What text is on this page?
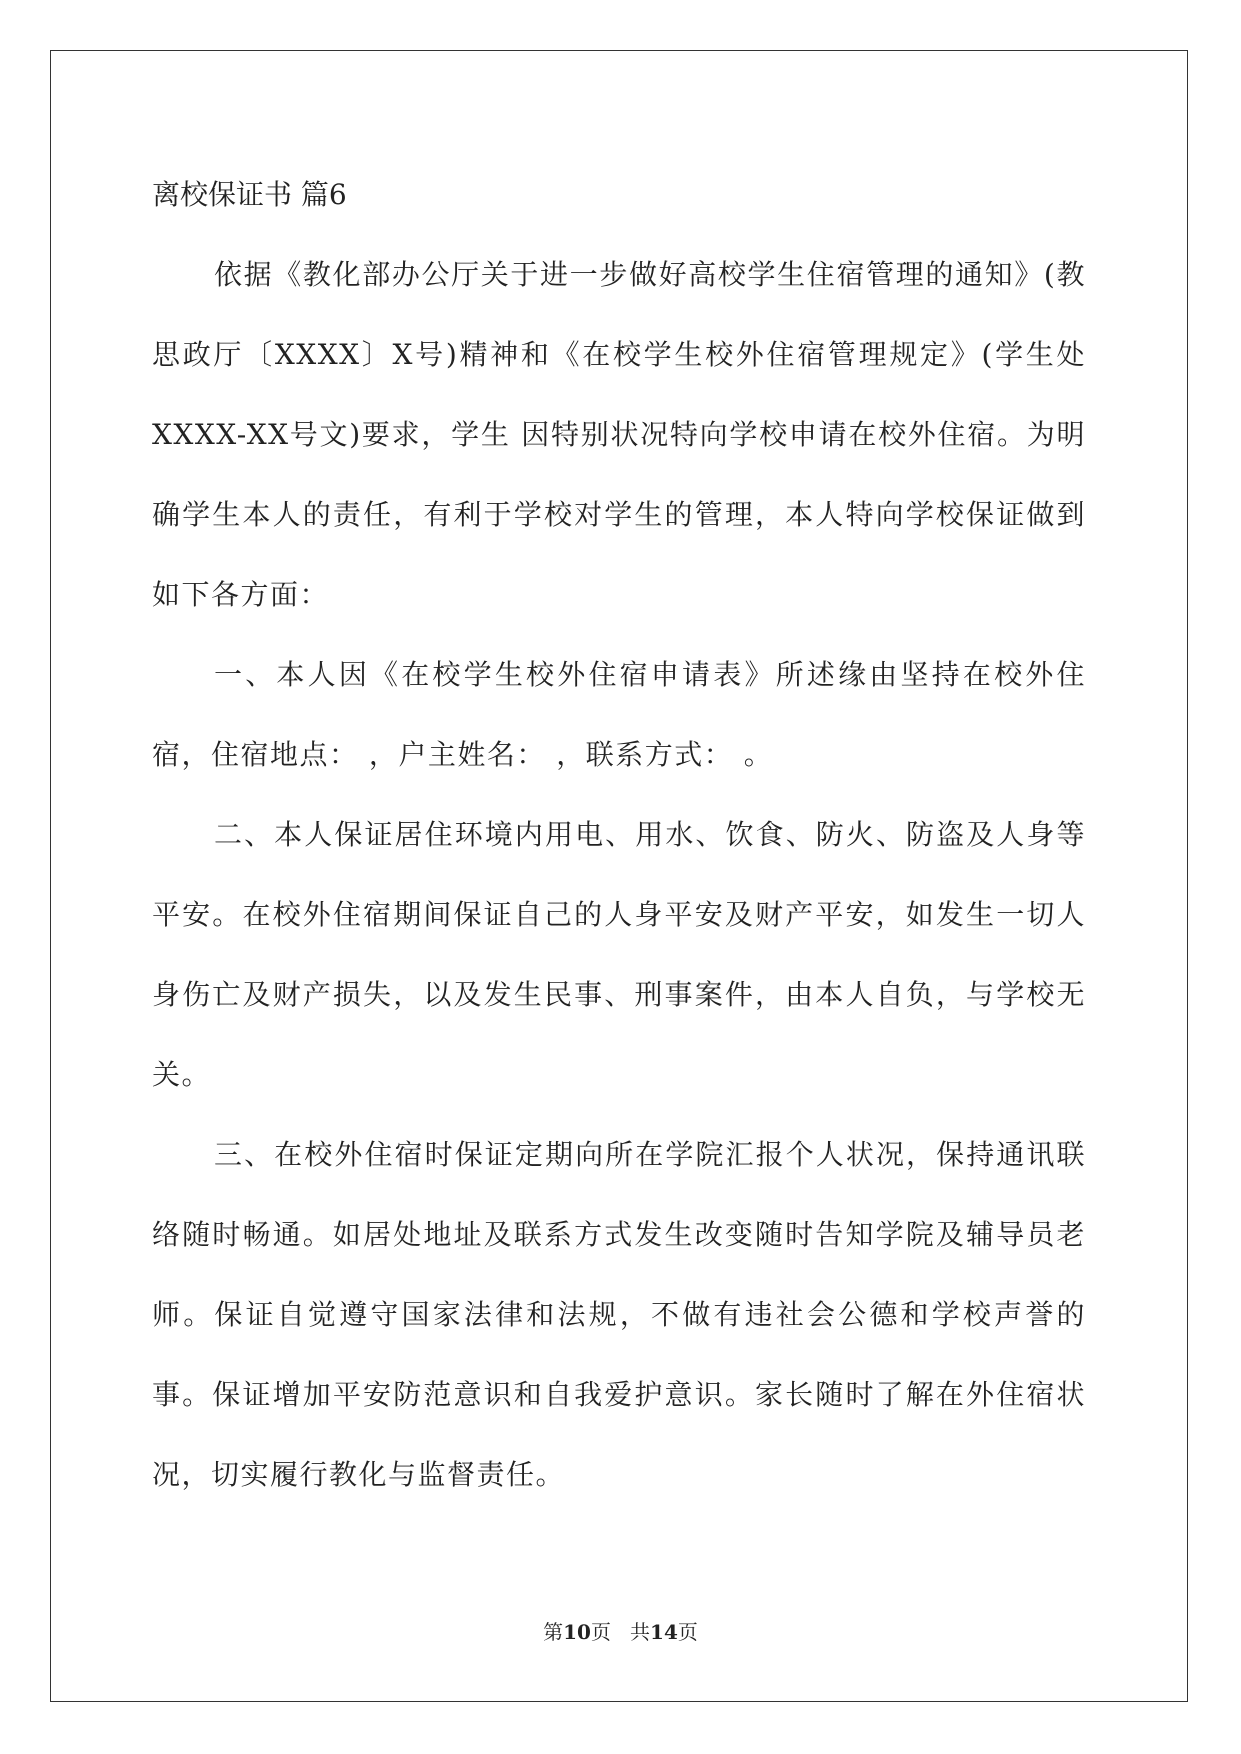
离校保证书 篇6

依据《教化部办公厅关于进一步做好高校学生住宿管理的通知》(教思政厅〔XXXX〕X号)精神和《在校学生校外住宿管理规定》(学生处XXXX-XX号文)要求，学生 因特别状况特向学校申请在校外住宿。为明确学生本人的责任，有利于学校对学生的管理，本人特向学校保证做到如下各方面：

一、本人因《在校学生校外住宿申请表》所述缘由坚持在校外住宿，住宿地点： ，户主姓名： ，联系方式： 。

二、本人保证居住环境内用电、用水、饮食、防火、防盗及人身等平安。在校外住宿期间保证自己的人身平安及财产平安，如发生一切人身伤亡及财产损失，以及发生民事、刑事案件，由本人自负，与学校无关。

三、在校外住宿时保证定期向所在学院汇报个人状况，保持通讯联络随时畅通。如居处地址及联系方式发生改变随时告知学院及辅导员老师。保证自觉遵守国家法律和法规，不做有违社会公德和学校声誉的事。保证增加平安防范意识和自我爱护意识。家长随时了解在外住宿状况，切实履行教化与监督责任。

第10页 共14页
